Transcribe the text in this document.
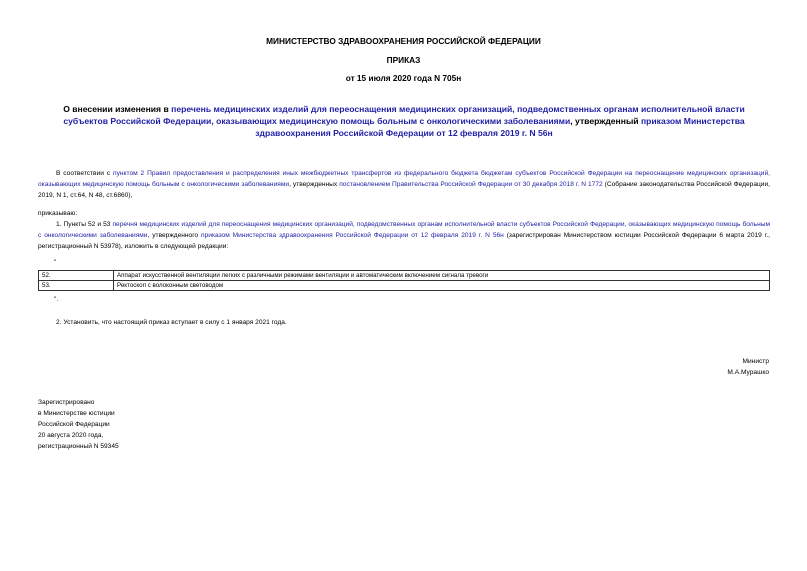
МИНИСТЕРСТВО ЗДРАВООХРАНЕНИЯ РОССИЙСКОЙ ФЕДЕРАЦИИ
ПРИКАЗ
от 15 июля 2020 года N 705н
О внесении изменения в перечень медицинских изделий для переоснащения медицинских организаций, подведомственных органам исполнительной власти субъектов Российской Федерации, оказывающих медицинскую помощь больным с онкологическими заболеваниями, утвержденный приказом Министерства здравоохранения Российской Федерации от 12 февраля 2019 г. N 56н
В соответствии с пунктом 2 Правил предоставления и распределения иных межбюджетных трансфертов из федерального бюджета бюджетам субъектов Российской Федерации на переоснащение медицинских организаций, оказывающих медицинскую помощь больным с онкологическими заболеваниями, утвержденных постановлением Правительства Российской Федерации от 30 декабря 2018 г. N 1772 (Собрание законодательства Российской Федерации, 2019, N 1, ст.64, N 48, ст.6860),
приказываю:
1. Пункты 52 и 53 перечня медицинских изделий для переоснащения медицинских организаций, подведомственных органам исполнительной власти субъектов Российской Федерации, оказывающих медицинскую помощь больным с онкологическими заболеваниями, утвержденного приказом Министерства здравоохранения Российской Федерации от 12 февраля 2019 г. N 56н (зарегистрирован Министерством юстиции Российской Федерации 6 марта 2019 г., регистрационный N 53978), изложить в следующей редакции:
"
52.	Аппарат искусственной вентиляции легких с различными режимами вентиляции и автоматическим включением сигнала тревоги
53.	Ректоскоп с волоконным световодом
".
2. Установить, что настоящий приказ вступает в силу с 1 января 2021 года.
Министр
М.А.Мурашко
Зарегистрировано
в Министерстве юстиции
Российской Федерации
20 августа 2020 года,
регистрационный N 59345
